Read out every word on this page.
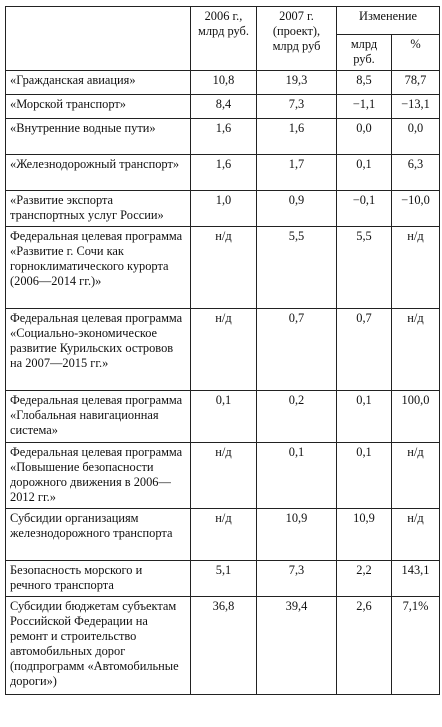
	2006 г., млрд руб.	2007 г. (проект), млрд руб	Изменение	
			млрд руб.	%
«Гражданская авиация»	10,8	19,3	8,5	78,7
«Морской транспорт»	8,4	7,3	−1,1	−13,1
«Внутренние водные пути»	1,6	1,6	0,0	0,0
«Железнодорожный транспорт»	1,6	1,7	0,1	6,3
«Развитие экспорта транспортных услуг России»	1,0	0,9	−0,1	−10,0
Федеральная целевая программа «Развитие г. Сочи как горноклиматического курорта (2006—2014 гг.)»	н/д	5,5	5,5	н/д
Федеральная целевая программа «Социально-экономическое развитие Курильских островов на 2007—2015 гг.»	н/д	0,7	0,7	н/д
Федеральная целевая программа «Глобальная навигационная система»	0,1	0,2	0,1	100,0
Федеральная целевая программа «Повышение безопасности дорожного движения в 2006—2012 гг.»	н/д	0,1	0,1	н/д
Субсидии организациям железнодорожного транспорта	н/д	10,9	10,9	н/д
Безопасность морского и речного транспорта	5,1	7,3	2,2	143,1
Субсидии бюджетам субъектам Российской Федерации на ремонт и строительство автомобильных дорог (подпрограмм «Автомобильные дороги»)	36,8	39,4	2,6	7,1%
